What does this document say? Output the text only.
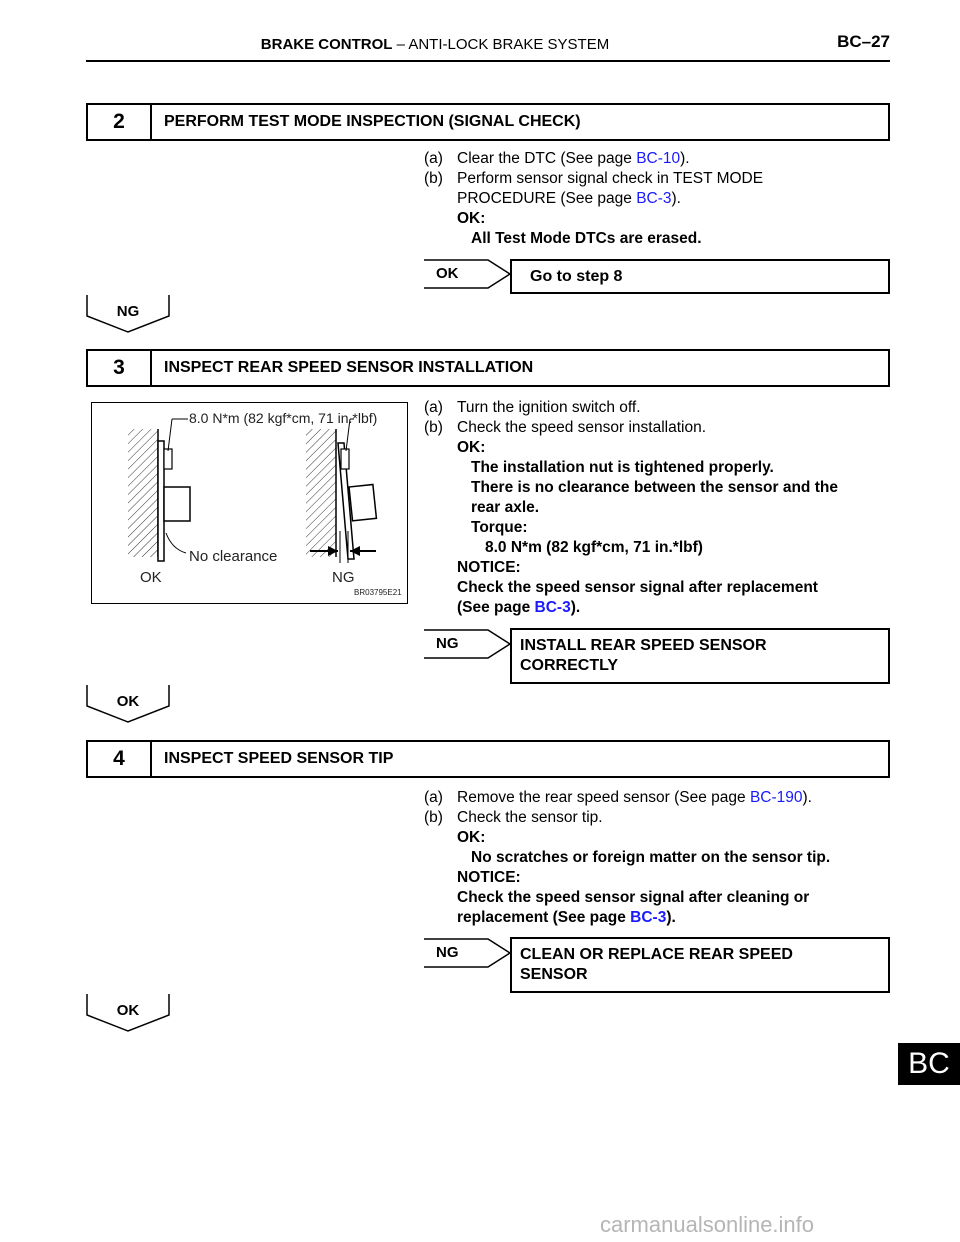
BRAKE CONTROL – ANTI-LOCK BRAKE SYSTEM	BC–27
2	PERFORM TEST MODE INSPECTION (SIGNAL CHECK)
(a) Clear the DTC (See page BC-10).
(b) Perform sensor signal check in TEST MODE
PROCEDURE (See page BC-3).
OK:
All Test Mode DTCs are erased.
OK	Go to step 8
NG
3	INSPECT REAR SPEED SENSOR INSTALLATION
8.0 N*m (82 kgf*cm, 71 in.*lbf)
No clearance
OK	NG
BR03795E21
(a) Turn the ignition switch off.
(b) Check the speed sensor installation.
OK:
The installation nut is tightened properly.
There is no clearance between the sensor and the
rear axle.
Torque:
8.0 N*m (82 kgf*cm, 71 in.*lbf)
NOTICE:
Check the speed sensor signal after replacement
(See page BC-3).
NG	INSTALL REAR SPEED SENSOR
CORRECTLY
OK
4	INSPECT SPEED SENSOR TIP
(a) Remove the rear speed sensor (See page BC-190).
(b) Check the sensor tip.
OK:
No scratches or foreign matter on the sensor tip.
NOTICE:
Check the speed sensor signal after cleaning or
replacement (See page BC-3).
NG	CLEAN OR REPLACE REAR SPEED
SENSOR
OK
BC
carmanualsonline.info
